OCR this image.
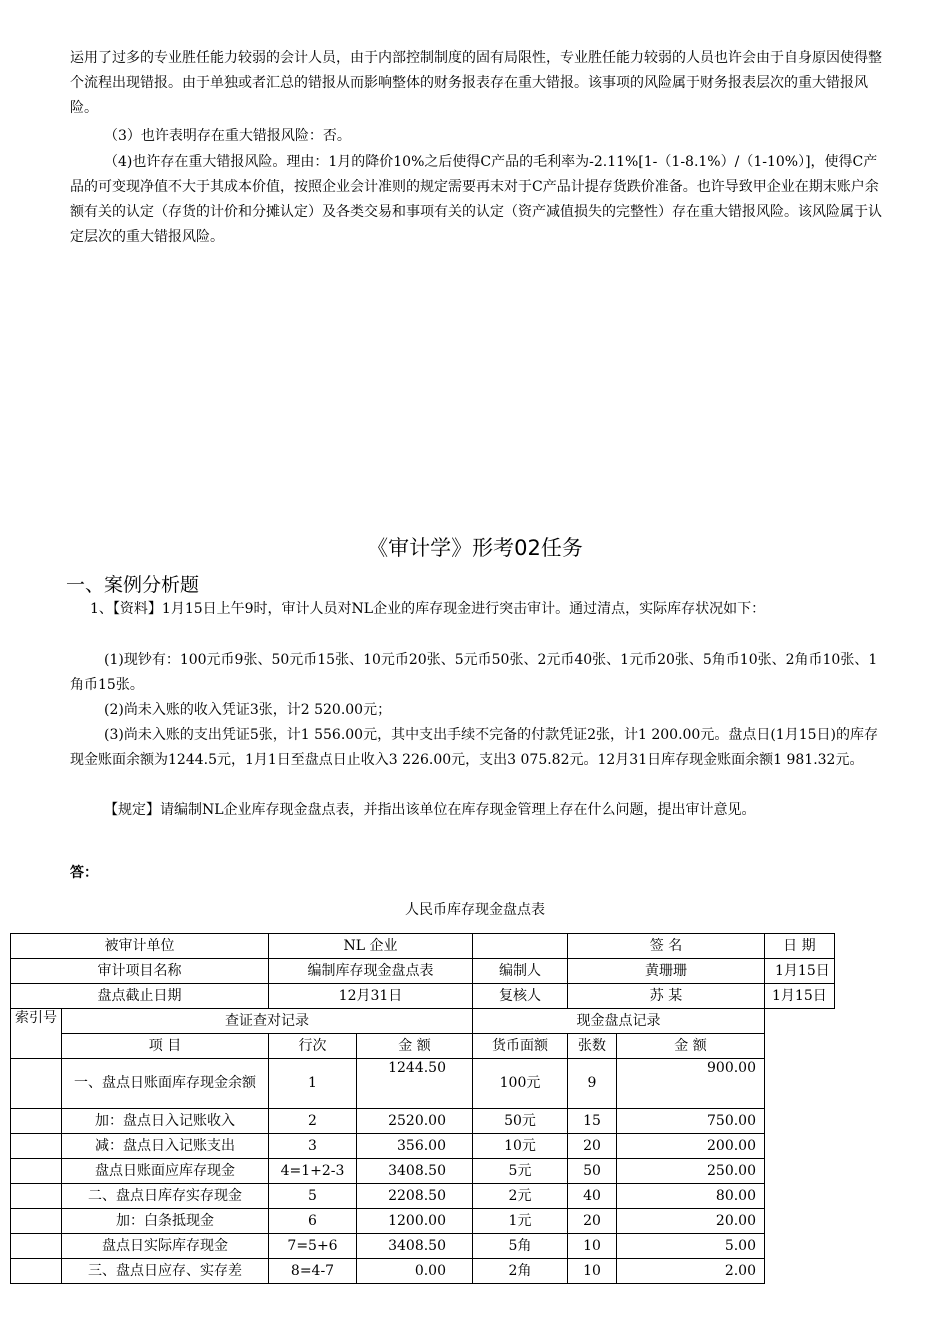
运用了过多的专业胜任能力较弱的会计人员，由于内部控制制度的固有局限性，专业胜任能力较弱的人员也许会由于自身原因使得整个流程出现错报。由于单独或者汇总的错报从而影响整体的财务报表存在重大错报。该事项的风险属于财务报表层次的重大错报风险。
（3）也许表明存在重大错报风险：否。
（4)也许存在重大错报风险。理由：1月的降价10%之后使得C产品的毛利率为-2.11%[1-（1-8.1%）/（1-10%）]，使得C产品的可变现净值不大于其成本价值，按照企业会计准则的规定需要再末对于C产品计提存货跌价准备。也许导致甲企业在期末账户余额有关的认定（存货的计价和分摊认定）及各类交易和事项有关的认定（资产减值损失的完整性）存在重大错报风险。该风险属于认定层次的重大错报风险。
《审计学》形考02任务
一、案例分析题
1、【资料】1月15日上午9时，审计人员对NL企业的库存现金进行突击审计。通过清点，实际库存状况如下：
(1)现钞有：100元币9张、50元币15张、10元币20张、5元币50张、2元币40张、1元币20张、5角币10张、2角币10张、1角币15张。
(2)尚未入账的收入凭证3张，计2 520.00元；
(3)尚未入账的支出凭证5张，计1 556.00元，其中支出手续不完备的付款凭证2张，计1 200.00元。盘点日(1月15日)的库存现金账面余额为1244.5元，1月1日至盘点日止收入3 226.00元，支出3 075.82元。12月31日库存现金账面余额1 981.32元。
【规定】请编制NL企业库存现金盘点表，并指出该单位在库存现金管理上存在什么问题，提出审计意见。
答：
人民币库存现金盘点表
被审计单位		NL 企业			签 名		日 期
审计项目名称		编制库存现金盘点表		编制人	黄珊珊		1月15日
盘点截止日期		12月31日		复核人	苏 某		1月15日
索引号	查证查对记录			现金盘点记录			
	项 目	行次	金 额	货币面额	张数	金 额	
	一、盘点日账面库存现金余额	1	1244.50	100元	9	900.00	
	加：盘点日入记账收入	2	2520.00	50元	15	750.00	
	减：盘点日入记账支出	3	356.00	10元	20	200.00	
	盘点日账面应库存现金	4=1+2-3	3408.50	5元	50	250.00	
	二、盘点日库存实存现金	5	2208.50	2元	40	80.00	
	加：白条抵现金	6	1200.00	1元	20	20.00	
	盘点日实际库存现金	7=5+6	3408.50	5角	10	5.00	
	三、盘点日应存、实存差	8=4-7	0.00	2角	10	2.00	
